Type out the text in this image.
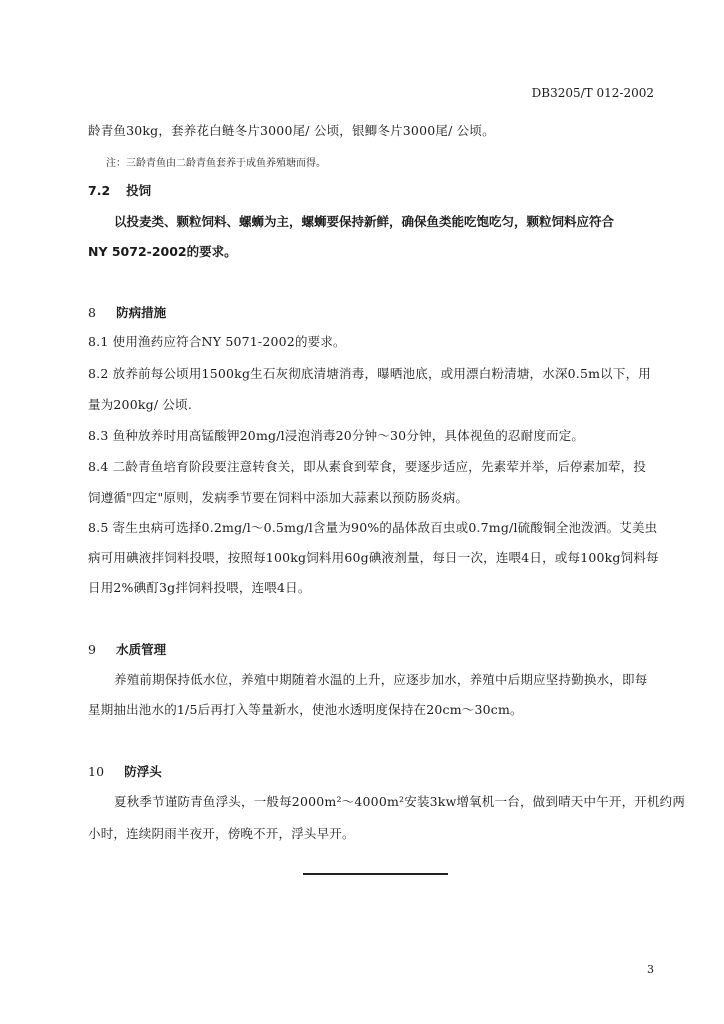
DB3205/T 012-2002
龄青鱼30kg，套养花白鲢冬片3000尾/ 公顷，银鲫冬片3000尾/ 公顷。
注：三龄青鱼由二龄青鱼套养于成鱼养殖塘而得。
7.2 投饲
以投麦类、颗粒饲料、螺蛳为主，螺蛳要保持新鲜，确保鱼类能吃饱吃匀，颗粒饲料应符合
NY 5072-2002的要求。
8 防病措施
8.1 使用渔药应符合NY 5071-2002的要求。
8.2 放养前每公顷用1500kg生石灰彻底清塘消毒，曝晒池底，或用漂白粉清塘，水深0.5m以下，用
量为200kg/ 公顷.
8.3 鱼种放养时用高锰酸钾20mg/l浸泡消毒20分钟～30分钟，具体视鱼的忍耐度而定。
8.4 二龄青鱼培育阶段要注意转食关，即从素食到荤食，要逐步适应，先素荤并举，后停素加荤，投
饲遵循"四定"原则，发病季节要在饲料中添加大蒜素以预防肠炎病。
8.5 寄生虫病可选择0.2mg/l～0.5mg/l含量为90%的晶体敌百虫或0.7mg/l硫酸铜全池泼洒。艾美虫
病可用碘液拌饲料投喂，按照每100kg饲料用60g碘液剂量，每日一次，连喂4日，或每100kg饲料每
日用2%碘酊3g拌饲料投喂，连喂4日。
9 水质管理
养殖前期保持低水位，养殖中期随着水温的上升，应逐步加水，养殖中后期应坚持勤换水，即每
星期抽出池水的1/5后再打入等量新水，使池水透明度保持在20cm～30cm。
10 防浮头
夏秋季节谨防青鱼浮头，一般每2000m²～4000m²安装3kw增氧机一台，做到晴天中午开，开机约两
小时，连续阴雨半夜开，傍晚不开，浮头早开。
3
